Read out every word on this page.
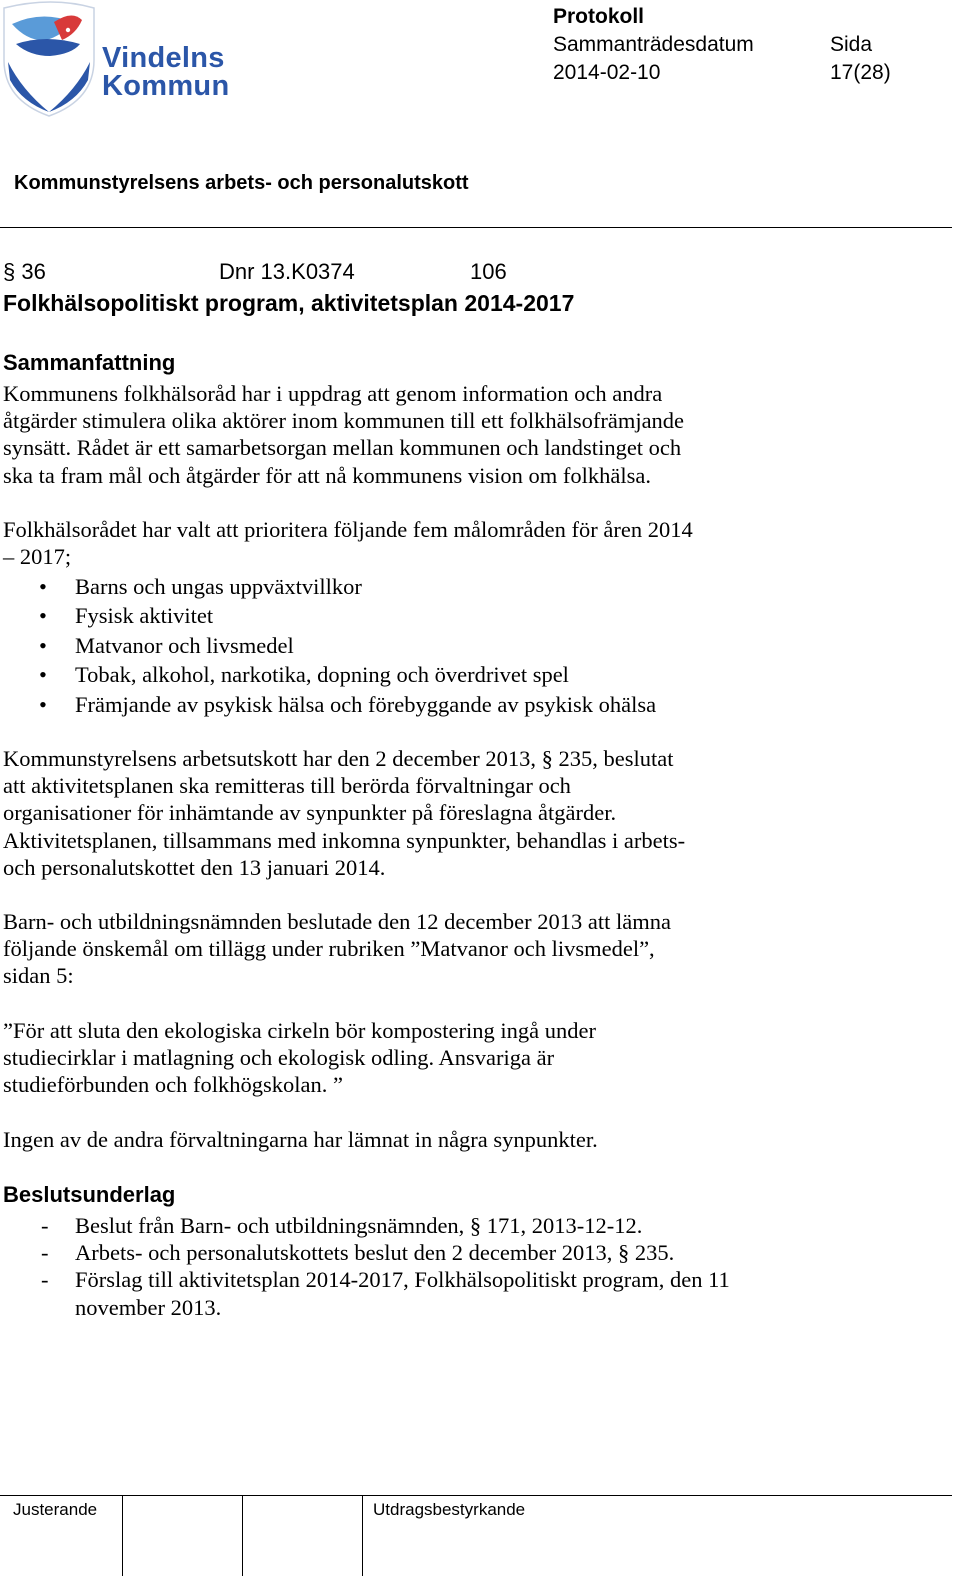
Vindelns
Kommun
Protokoll
Sammanträdesdatum
2014-02-10
Sida
17(28)
Kommunstyrelsens arbets- och personalutskott
§ 36	Dnr 13.K0374	106
Folkhälsopolitiskt program, aktivitetsplan 2014-2017
Sammanfattning
Kommunens folkhälsoråd har i uppdrag att genom information och andra
åtgärder stimulera olika aktörer inom kommunen till ett folkhälsofrämjande
synsätt. Rådet är ett samarbetsorgan mellan kommunen och landstinget och
ska ta fram mål och åtgärder för att nå kommunens vision om folkhälsa.
Folkhälsorådet har valt att prioritera följande fem målområden för åren 2014
– 2017;
• Barns och ungas uppväxtvillkor
• Fysisk aktivitet
• Matvanor och livsmedel
• Tobak, alkohol, narkotika, dopning och överdrivet spel
• Främjande av psykisk hälsa och förebyggande av psykisk ohälsa
Kommunstyrelsens arbetsutskott har den 2 december 2013, § 235, beslutat
att aktivitetsplanen ska remitteras till berörda förvaltningar och
organisationer för inhämtande av synpunkter på föreslagna åtgärder.
Aktivitetsplanen, tillsammans med inkomna synpunkter, behandlas i arbets-
och personalutskottet den 13 januari 2014.
Barn- och utbildningsnämnden beslutade den 12 december 2013 att lämna
följande önskemål om tillägg under rubriken ”Matvanor och livsmedel”,
sidan 5:
”För att sluta den ekologiska cirkeln bör kompostering ingå under
studiecirklar i matlagning och ekologisk odling. Ansvariga är
studieförbunden och folkhögskolan. ”
Ingen av de andra förvaltningarna har lämnat in några synpunkter.
Beslutsunderlag
- Beslut från Barn- och utbildningsnämnden, § 171, 2013-12-12.
- Arbets- och personalutskottets beslut den 2 december 2013, § 235.
- Förslag till aktivitetsplan 2014-2017, Folkhälsopolitiskt program, den 11 november 2013.
Justerande	Utdragsbestyrkande
